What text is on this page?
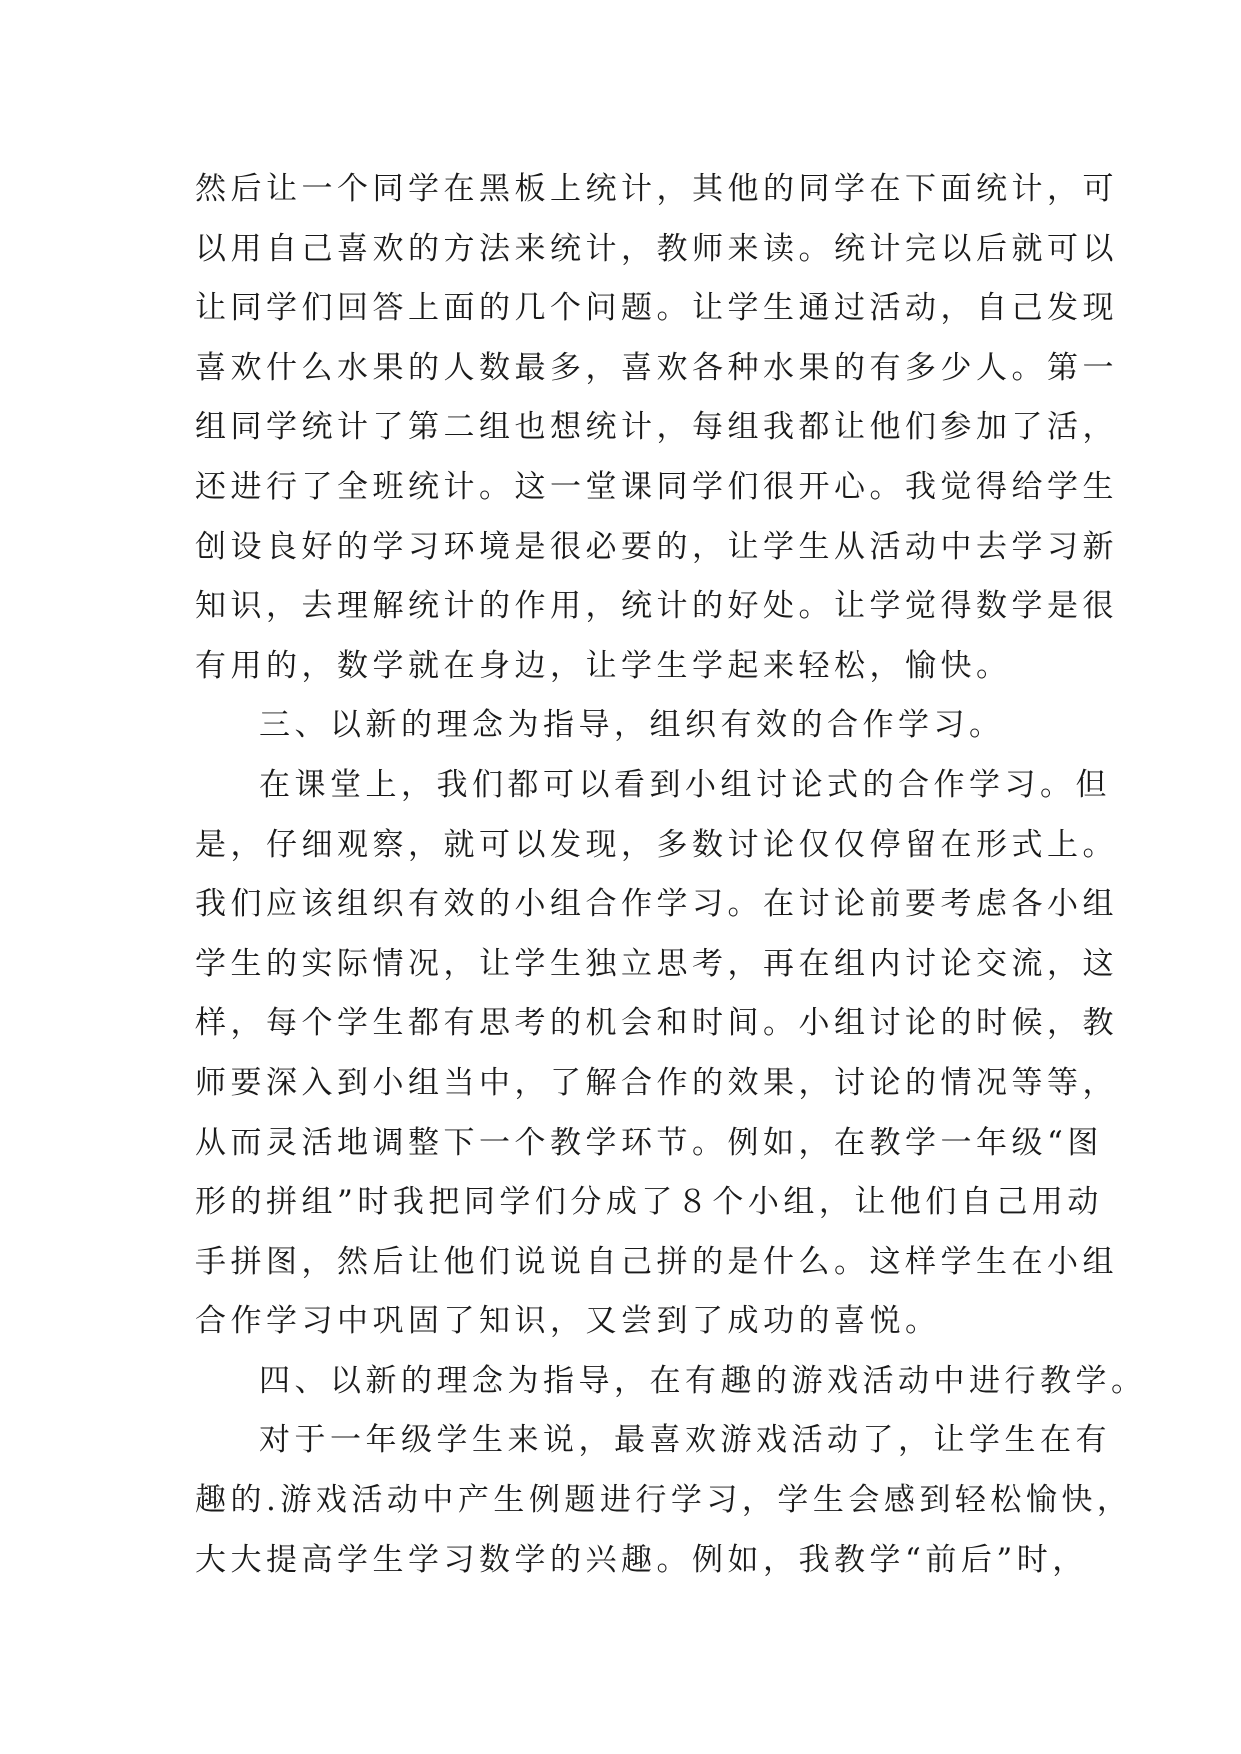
然后让一个同学在黑板上统计，其他的同学在下面统计，可
以用自己喜欢的方法来统计，教师来读。统计完以后就可以
让同学们回答上面的几个问题。让学生通过活动，自己发现
喜欢什么水果的人数最多，喜欢各种水果的有多少人。第一
组同学统计了第二组也想统计，每组我都让他们参加了活，
还进行了全班统计。这一堂课同学们很开心。我觉得给学生
创设良好的学习环境是很必要的，让学生从活动中去学习新
知识，去理解统计的作用，统计的好处。让学觉得数学是很
有用的，数学就在身边，让学生学起来轻松，愉快。
三、以新的理念为指导，组织有效的合作学习。
在课堂上，我们都可以看到小组讨论式的合作学习。但
是，仔细观察，就可以发现，多数讨论仅仅停留在形式上。
我们应该组织有效的小组合作学习。在讨论前要考虑各小组
学生的实际情况，让学生独立思考，再在组内讨论交流，这
样，每个学生都有思考的机会和时间。小组讨论的时候，教
师要深入到小组当中，了解合作的效果，讨论的情况等等，
从而灵活地调整下一个教学环节。例如，在教学一年级“图
形的拼组”时我把同学们分成了８个小组，让他们自己用动
手拼图，然后让他们说说自己拼的是什么。这样学生在小组
合作学习中巩固了知识，又尝到了成功的喜悦。
四、以新的理念为指导，在有趣的游戏活动中进行教学。
对于一年级学生来说，最喜欢游戏活动了，让学生在有
趣的.游戏活动中产生例题进行学习，学生会感到轻松愉快，
大大提高学生学习数学的兴趣。例如，我教学“前后”时，
